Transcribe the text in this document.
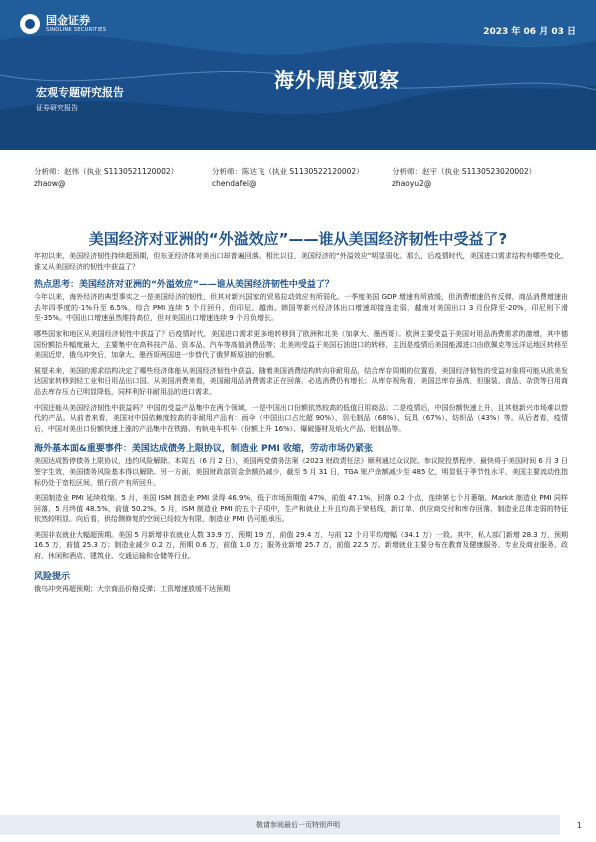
国金证券
SINOLINK SECURITIES	2023 年 06 月 03 日
海外周度观察
宏观专题研究报告
证券研究报告
分析师：赵伟（执业 S1130521120002）
zhaow@
分析师：陈达飞（执业 S1130522120002）
chendafei@
分析师：赵宇（执业 S1130523020002）
zhaoyu2@
美国经济对亚洲的“外溢效应”——谁从美国经济韧性中受益了?

年初以来，美国经济韧性持续超预期，但东亚经济体对美出口却普遍回落。相比以往，美国经济的“外溢效应”明显弱化。那么，后疫情时代，美国进口需求结构有哪些变化，谁又从美国经济的韧性中获益了？

热点思考：美国经济对亚洲的“外溢效应”——谁从美国经济韧性中受益了？

今年以来，海外经济的典型事实之一是美国经济的韧性，但其对新兴国家的贸易拉动效应有所弱化。一季度美国 GDP 增速有所放缓，但消费增速仍有反弹，商品消费增速由去年四季度的-1%升至 6.5%，综合 PMI 连续 5 个月回升，但印尼、越南、韩国等新兴经济体出口增速却接连走弱，越南对美国出口 3 月份降至-20%，印尼则下滑至-35%。中国出口增速虽然维持高位，但对美国出口增速连续 9 个月负增长。

哪些国家和地区从美国经济韧性中获益了？后疫情时代，美国进口需求更多地转移到了欧洲和北美（加拿大、墨西哥）。欧洲主要受益于美国对用品消费需求的激增，其中德国份额抬升幅度最大，主要集中在高科技产品、资本品、汽车等高值消费品等；北美则受益于美国石油进口的转移，主因是疫情后美国能源进口由欧佩克等远洋运地区转移至美国近岸，俄乌冲突后，加拿大、墨西哥两国进一步替代了俄罗斯原油的份额。

展望未来，美国的需求结构决定了哪些经济体能从美国经济韧性中获益。随着美国消费结构转向非耐用品，结合库存周期的位置看，美国经济韧性的受益对象将可能从欧美发达国家转移到轻工业和日用品出口国。从美国消费来看，美国耐用品消费需求正在回落，必选消费仍有增长；从库存视角看，美国总库存虽高，但服装、食品、杂货等日用商品去库存压力已明显降低，同样利好非耐用品的进口需求。

中国还能从美国经济韧性中获益吗？中国的受益产品集中在两个领域，一是中国出口份额依然较高的低值日用商品；二是疫情后，中国份额快速上升，且其他新兴市场难以替代的产品。从前者来看，美国对中国依赖度较高的非耐用产品有：雨伞（中国出口占比超 90%）、羽毛制品（68%）、玩具（67%）、纺织品（43%）等。从后者看，疫情后，中国对美出口份额快速上涨的产品集中在铁路、有轨电车机车（份额上升 16%）、爆破器材及焰火产品、铝制品等。

海外基本面&重要事件：美国达成债务上限协议，制造业 PMI 收缩，劳动市场仍紧张

美国达成暂停债务上限协议，违约风险解除。本周五（6 月 2 日），美国两党债务法案《2023 财政责任法》顺利通过众议院、参议院投票程序，最快将于美国时间 6 月 3 日签字生效，美国债务风险基本得以解除。另一方面，美国财政部资金余额仍减少，截至 5 月 31 日，TGA 账户余额减少至 485 亿，明显低于季节性水平，美国主要流动性指标仍处于宽松区间，银行资产有所回升。

美国制造业 PMI 延续收缩。5 月，美国 ISM 制造业 PMI 录得 46.9%，低于市场预期值 47%，前值 47.1%，回落 0.2 个点，连续第七个月萎缩。Markit 制造业 PMI 同样回落，5 月终值 48.5%，前值 50.2%。5 月，ISM 制造业 PMI 的五个子项中，生产和就业上升且均高于荣枯线，新订单、供应商交付和库存回落，制造业总体走弱的特征依然较明显。向后看，供给侧修复的空间已经较为有限，制造业 PMI 仍可能承压。

美国非农就业大幅超预期。美国 5 月新增非农就业人数 33.9 万，预期 19 万，前值 29.4 万，与前 12 个月平均增幅（34.1 万）一致。其中，私人部门新增 28.3 万，预期 16.5 万，前值 25.3 万；制造业减少 0.2 万，预期 0.6 万，前值 1.0 万；服务业新增 25.7 万，前值 22.5 万。新增就业主要分布在教育及健康服务、专业及商业服务、政府、休闲和酒店、建筑业、交通运输和仓储等行业。

风险提示

俄乌冲突再超预期；大宗商品价格反弹；工资增速放缓不达预期

敬请参阅最后一页特别声明	1
